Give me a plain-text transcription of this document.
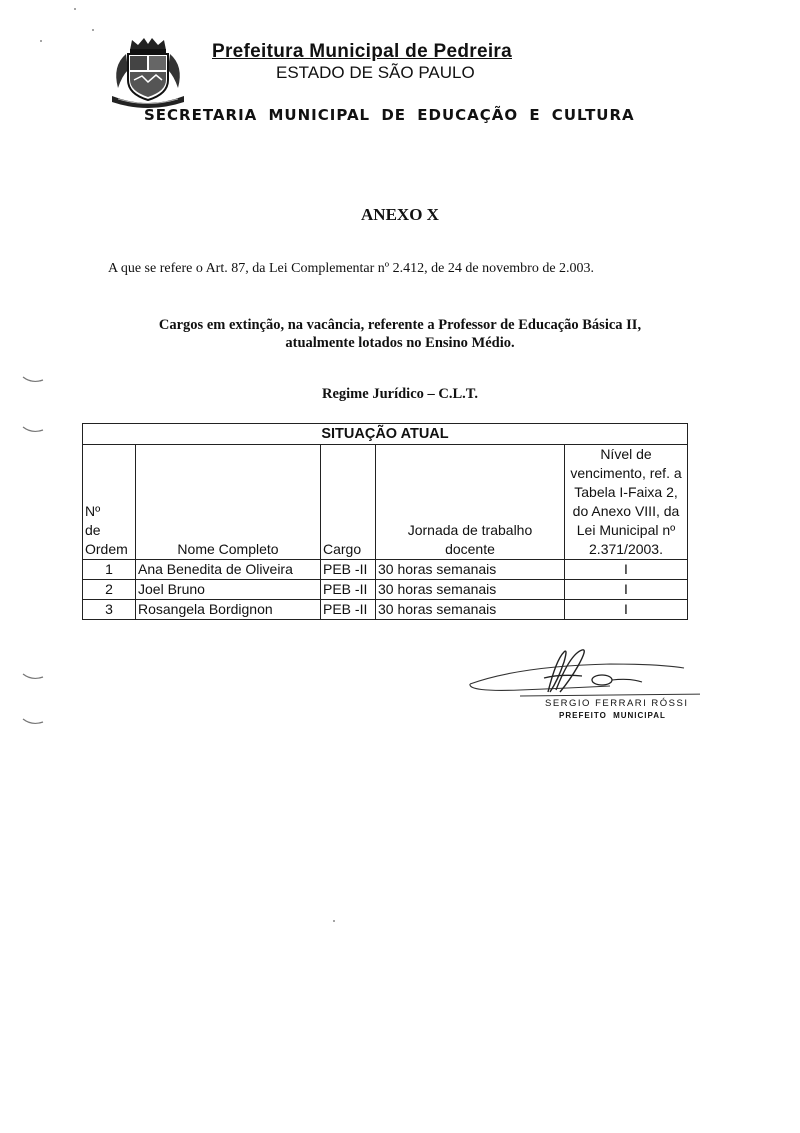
Prefeitura Municipal de Pedreira
ESTADO DE SÃO PAULO
SECRETARIA MUNICIPAL DE EDUCAÇÃO E CULTURA
ANEXO X
A que se refere o Art. 87, da Lei Complementar nº 2.412, de 24 de novembro de 2.003.
Cargos em extinção, na vacância, referente a Professor de Educação Básica II, atualmente lotados no Ensino Médio.
Regime Jurídico – C.L.T.
SITUAÇÃO ATUAL				
Nº de Ordem	Nome Completo	Cargo	Jornada de trabalho docente	Nível de vencimento, ref. a Tabela I-Faixa 2, do Anexo VIII, da Lei Municipal nº 2.371/2003.
1	Ana Benedita de Oliveira	PEB -II	30 horas semanais	I
2	Joel Bruno	PEB -II	30 horas semanais	I
3	Rosangela Bordignon	PEB -II	30 horas semanais	I
SERGIO FERRARI RÓSSI
PREFEITO MUNICIPAL
